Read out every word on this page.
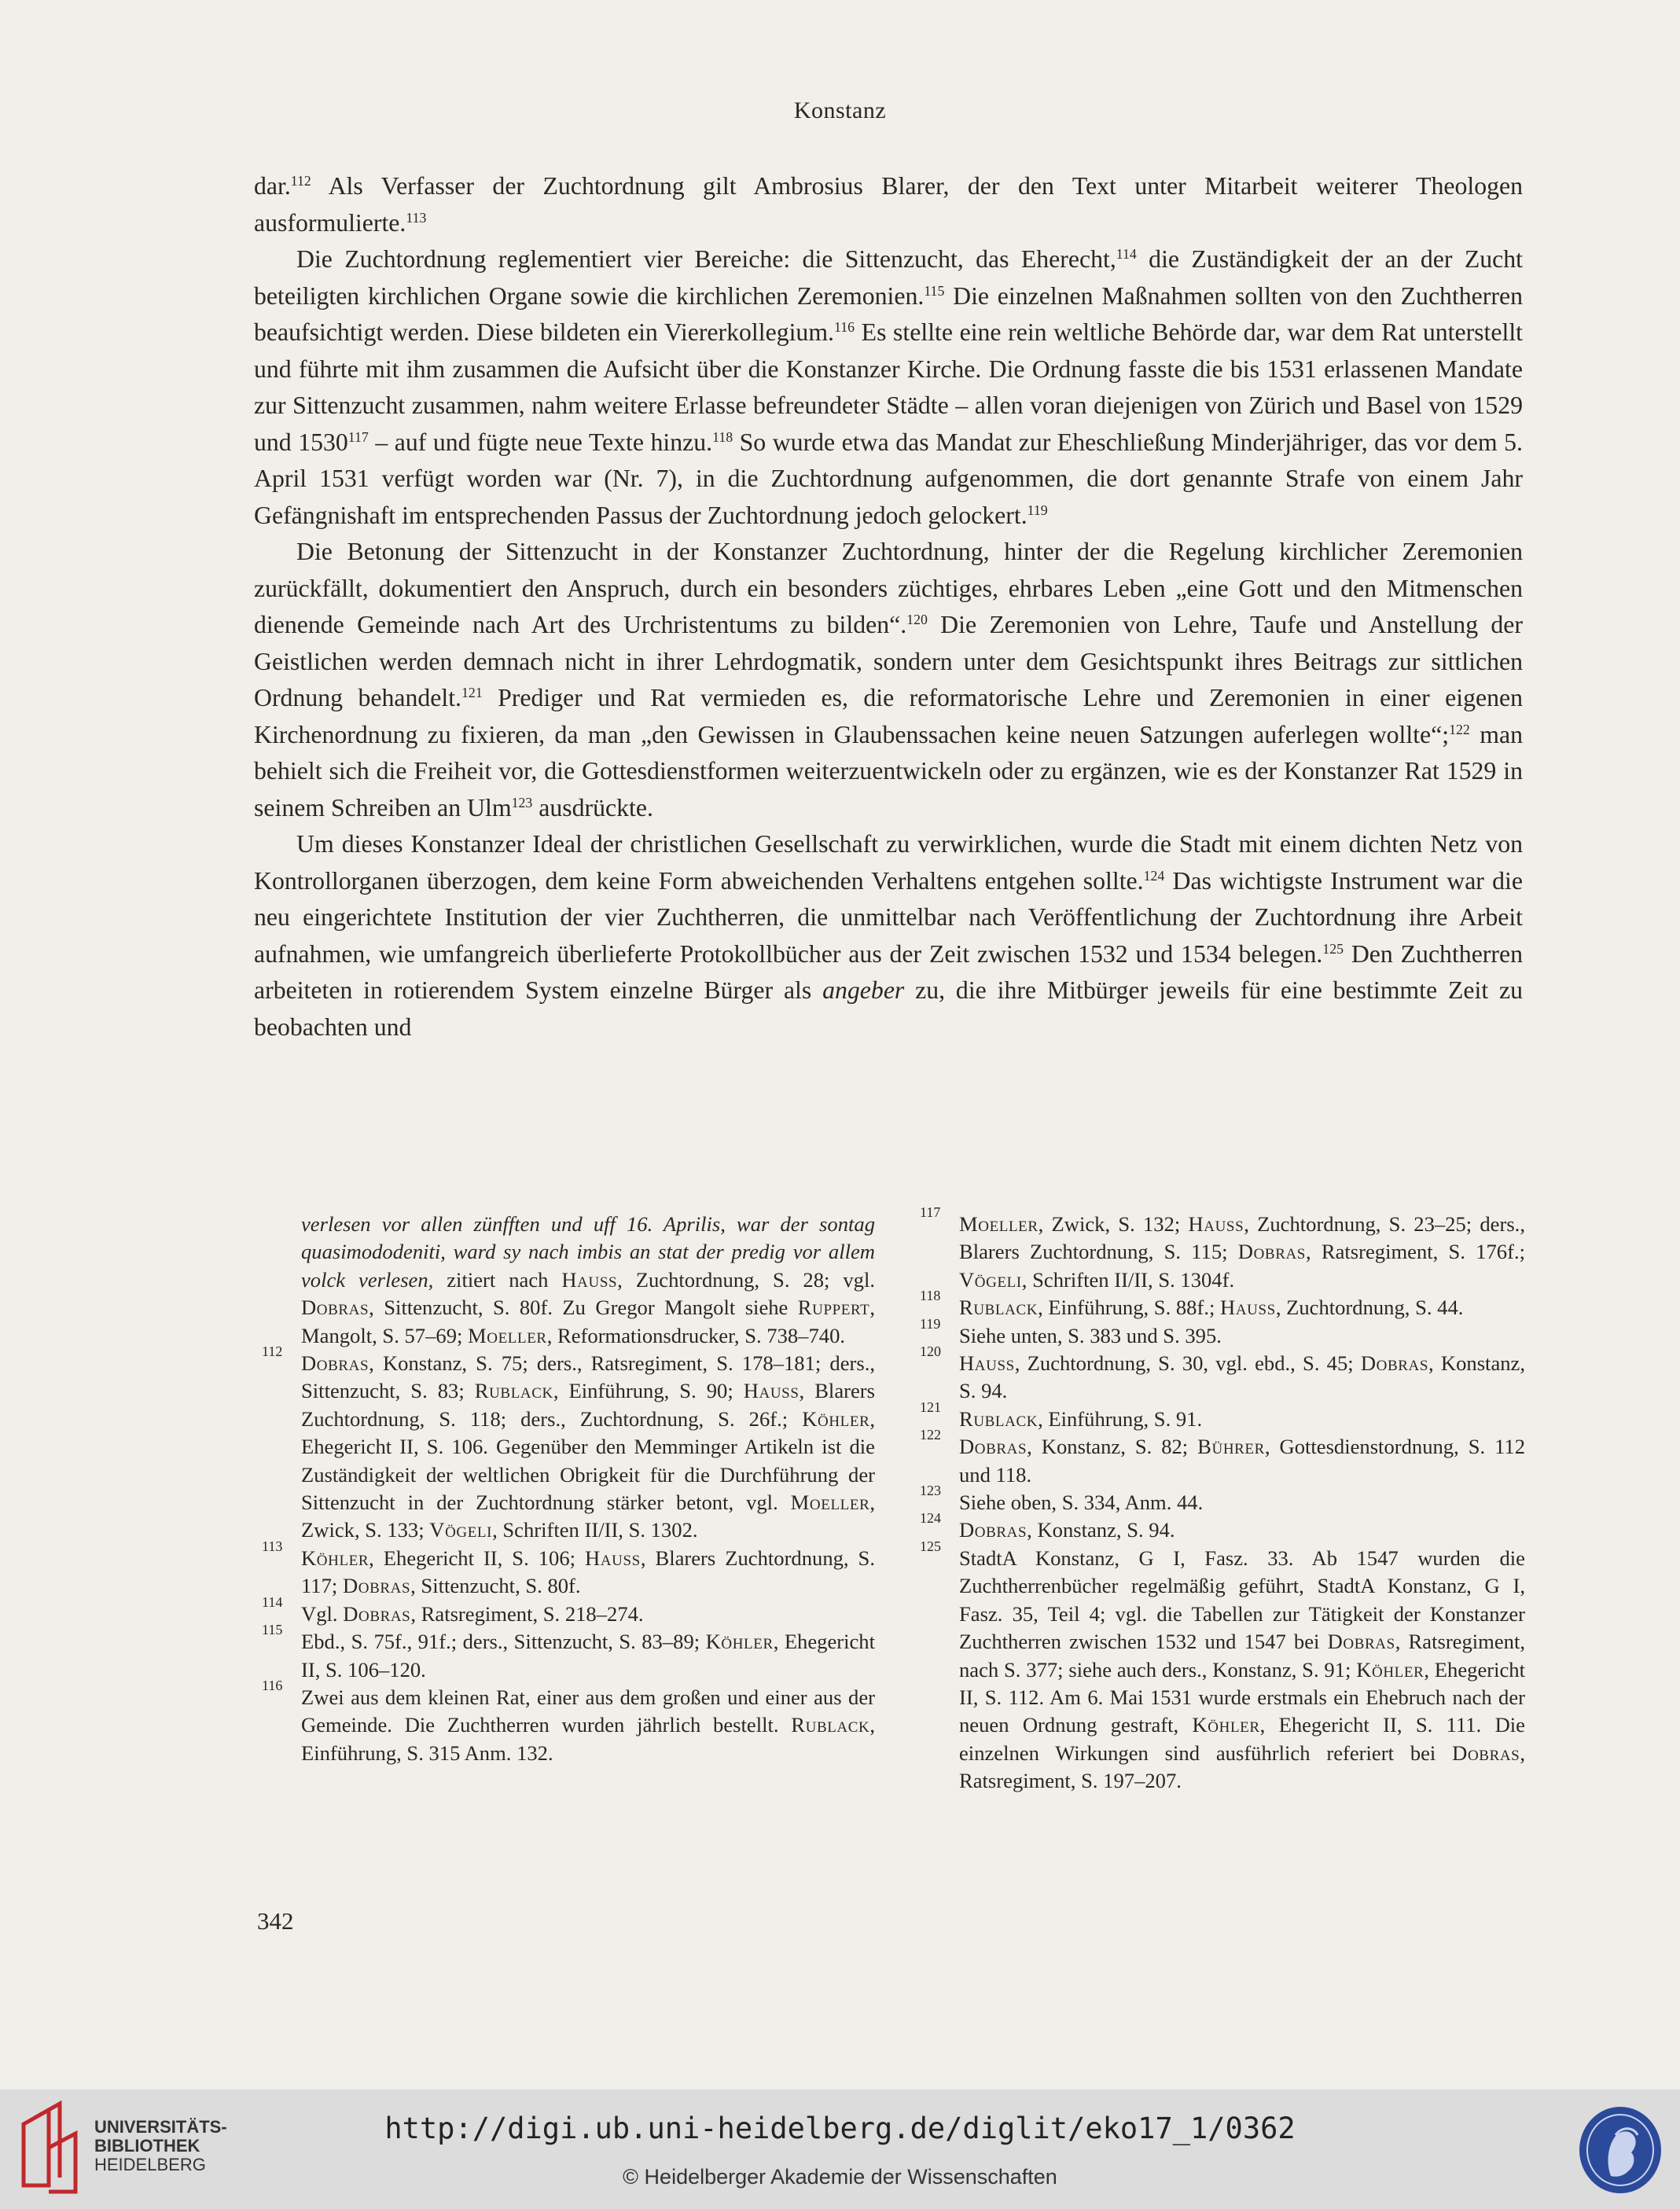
Konstanz

dar.$^{112}$ Als Verfasser der Zuchtordnung gilt Ambrosius Blarer, der den Text unter Mitarbeit weiterer Theologen ausformulierte.$^{113}$

Die Zuchtordnung reglementiert vier Bereiche: die Sittenzucht, das Eherecht,$^{114}$ die Zuständigkeit der an der Zucht beteiligten kirchlichen Organe sowie die kirchlichen Zeremonien.$^{115}$ Die einzelnen Maßnahmen sollten von den Zuchtherren beaufsichtigt werden. Diese bildeten ein Viererkollegium.$^{116}$ Es stellte eine rein weltliche Behörde dar, war dem Rat unterstellt und führte mit ihm zusammen die Aufsicht über die Konstanzer Kirche. Die Ordnung fasste die bis 1531 erlassenen Mandate zur Sittenzucht zusammen, nahm weitere Erlasse befreundeter Städte – allen voran diejenigen von Zürich und Basel von 1529 und 1530$^{117}$ – auf und fügte neue Texte hinzu.$^{118}$ So wurde etwa das Mandat zur Eheschließung Minderjähriger, das vor dem 5. April 1531 verfügt worden war (Nr. 7), in die Zuchtordnung aufgenommen, die dort genannte Strafe von einem Jahr Gefängnishaft im entsprechenden Passus der Zuchtordnung jedoch gelockert.$^{119}$

Die Betonung der Sittenzucht in der Konstanzer Zuchtordnung, hinter der die Regelung kirchlicher Zeremonien zurückfällt, dokumentiert den Anspruch, durch ein besonders züchtiges, ehrbares Leben „eine Gott und den Mitmenschen dienende Gemeinde nach Art des Urchristentums zu bilden“.$^{120}$ Die Zeremonien von Lehre, Taufe und Anstellung der Geistlichen werden demnach nicht in ihrer Lehrdogmatik, sondern unter dem Gesichtspunkt ihres Beitrags zur sittlichen Ordnung behandelt.$^{121}$ Prediger und Rat vermieden es, die reformatorische Lehre und Zeremonien in einer eigenen Kirchenordnung zu fixieren, da man „den Gewissen in Glaubenssachen keine neuen Satzungen auferlegen wollte“;$^{122}$ man behielt sich die Freiheit vor, die Gottesdienstformen weiterzuentwickeln oder zu ergänzen, wie es der Konstanzer Rat 1529 in seinem Schreiben an Ulm$^{123}$ ausdrückte.

Um dieses Konstanzer Ideal der christlichen Gesellschaft zu verwirklichen, wurde die Stadt mit einem dichten Netz von Kontrollorganen überzogen, dem keine Form abweichenden Verhaltens entgehen sollte.$^{124}$ Das wichtigste Instrument war die neu eingerichtete Institution der vier Zuchtherren, die unmittelbar nach Veröffentlichung der Zuchtordnung ihre Arbeit aufnahmen, wie umfangreich überlieferte Protokollbücher aus der Zeit zwischen 1532 und 1534 belegen.$^{125}$ Den Zuchtherren arbeiteten in rotierendem System einzelne Bürger als angeber zu, die ihre Mitbürger jeweils für eine bestimmte Zeit zu beobachten und

verlesen vor allen zünfften und uff 16. Aprilis, war der sontag quasimododeniti, ward sy nach imbis an stat der predig vor allem volck verlesen, zitiert nach Hauss, Zuchtordnung, S. 28; vgl. Dobras, Sittenzucht, S. 80f. Zu Gregor Mangolt siehe Ruppert, Mangolt, S. 57–69; Moeller, Reformationsdrucker, S. 738–740.

112 Dobras, Konstanz, S. 75; ders., Ratsregiment, S. 178–181; ders., Sittenzucht, S. 83; Rublack, Einführung, S. 90; Hauss, Blarers Zuchtordnung, S. 118; ders., Zuchtordnung, S. 26f.; Köhler, Ehegericht II, S. 106. Gegenüber den Memminger Artikeln ist die Zuständigkeit der weltlichen Obrigkeit für die Durchführung der Sittenzucht in der Zuchtordnung stärker betont, vgl. Moeller, Zwick, S. 133; Vögeli, Schriften II/II, S. 1302.

113 Köhler, Ehegericht II, S. 106; Hauss, Blarers Zuchtordnung, S. 117; Dobras, Sittenzucht, S. 80f.

114 Vgl. Dobras, Ratsregiment, S. 218–274.

115 Ebd., S. 75f., 91f.; ders., Sittenzucht, S. 83–89; Köhler, Ehegericht II, S. 106–120.

116 Zwei aus dem kleinen Rat, einer aus dem großen und einer aus der Gemeinde. Die Zuchtherren wurden jährlich bestellt. Rublack, Einführung, S. 315 Anm. 132.

117 Moeller, Zwick, S. 132; Hauss, Zuchtordnung, S. 23–25; ders., Blarers Zuchtordnung, S. 115; Dobras, Ratsregiment, S. 176f.; Vögeli, Schriften II/II, S. 1304f.

118 Rublack, Einführung, S. 88f.; Hauss, Zuchtordnung, S. 44.

119 Siehe unten, S. 383 und S. 395.

120 Hauss, Zuchtordnung, S. 30, vgl. ebd., S. 45; Dobras, Konstanz, S. 94.

121 Rublack, Einführung, S. 91.

122 Dobras, Konstanz, S. 82; Bührer, Gottesdienstordnung, S. 112 und 118.

123 Siehe oben, S. 334, Anm. 44.

124 Dobras, Konstanz, S. 94.

125 StadtA Konstanz, G I, Fasz. 33. Ab 1547 wurden die Zuchtherrenbücher regelmäßig geführt, StadtA Konstanz, G I, Fasz. 35, Teil 4; vgl. die Tabellen zur Tätigkeit der Konstanzer Zuchtherren zwischen 1532 und 1547 bei Dobras, Ratsregiment, nach S. 377; siehe auch ders., Konstanz, S. 91; Köhler, Ehegericht II, S. 112. Am 6. Mai 1531 wurde erstmals ein Ehebruch nach der neuen Ordnung gestraft, Köhler, Ehegericht II, S. 111. Die einzelnen Wirkungen sind ausführlich referiert bei Dobras, Ratsregiment, S. 197–207.

342
UNIVERSITÄTS-
BIBLIOTHEK
HEIDELBERG
http://digi.ub.uni-heidelberg.de/diglit/eko17_1/0362
© Heidelberger Akademie der Wissenschaften
